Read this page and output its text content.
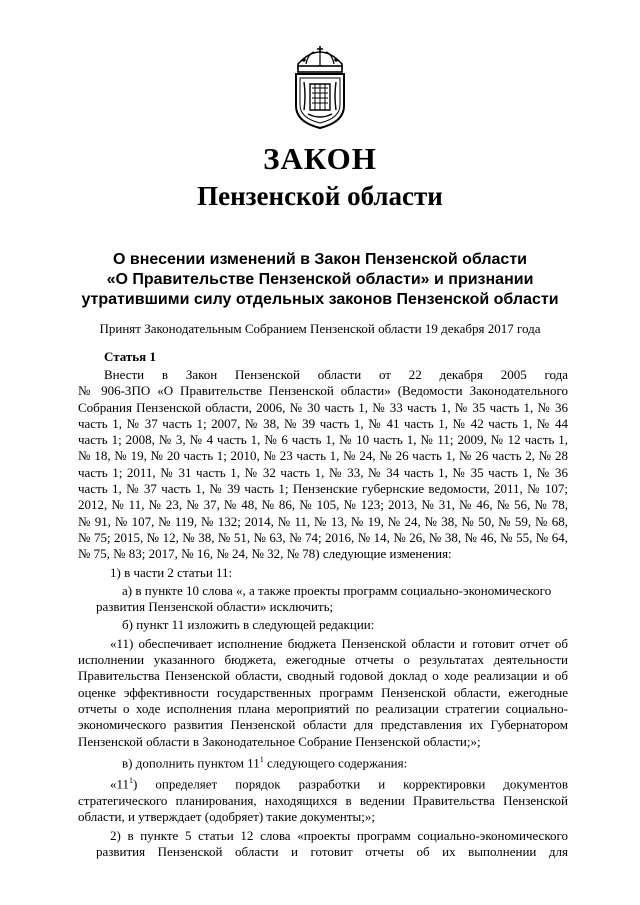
ЗАКОН
Пензенской области
О внесении изменений в Закон Пензенской области
«О Правительстве Пензенской области» и признании
утратившими силу отдельных законов Пензенской области
Принят Законодательным Собранием Пензенской области 19 декабря 2017 года
Статья 1
Внести в Закон Пензенской области от 22 декабря 2005 года
№ 906-ЗПО «О Правительстве Пензенской области» (Ведомости Законодательного
Собрания Пензенской области, 2006, № 30 часть 1, № 33 часть 1, № 35 часть 1, № 36
часть 1, № 37 часть 1; 2007, № 38, № 39 часть 1, № 41 часть 1, № 42 часть 1, № 44
часть 1; 2008, № 3, № 4 часть 1, № 6 часть 1, № 10 часть 1, № 11; 2009, № 12 часть 1,
№ 18, № 19, № 20 часть 1; 2010, № 23 часть 1, № 24, № 26 часть 1, № 26 часть 2, № 28
часть 1; 2011, № 31 часть 1, № 32 часть 1, № 33, № 34 часть 1, № 35 часть 1, № 36
часть 1, № 37 часть 1, № 39 часть 1; Пензенские губернские ведомости, 2011, № 107;
2012, № 11, № 23, № 37, № 48, № 86, № 105, № 123; 2013, № 31, № 46, № 56, № 78,
№ 91, № 107, № 119, № 132; 2014, № 11, № 13, № 19, № 24, № 38, № 50, № 59, № 68,
№ 75; 2015, № 12, № 38, № 51, № 63, № 74; 2016, № 14, № 26, № 38, № 46, № 55, № 64,
№ 75, № 83; 2017, № 16, № 24, № 32, № 78) следующие изменения:
1) в части 2 статьи 11:
а) в пункте 10 слова «, а также проекты программ социально-экономического
развития Пензенской области» исключить;
б) пункт 11 изложить в следующей редакции:
«11) обеспечивает исполнение бюджета Пензенской области и готовит отчет об
исполнении указанного бюджета, ежегодные отчеты о результатах деятельности
Правительства Пензенской области, сводный годовой доклад о ходе реализации и об
оценке эффективности государственных программ Пензенской области, ежегодные
отчеты о ходе исполнения плана мероприятий по реализации стратегии социально-
экономического развития Пензенской области для представления их Губернатором
Пензенской области в Законодательное Собрание Пензенской области;»;
в) дополнить пунктом $11^1$ следующего содержания:
«$11^1$) определяет порядок разработки и корректировки документов
стратегического планирования, находящихся в ведении Правительства Пензенской
области, и утверждает (одобряет) такие документы;»;
2) в пункте 5 статьи 12 слова «проекты программ социально-экономического
развития Пензенской области и готовит отчеты об их выполнении для
